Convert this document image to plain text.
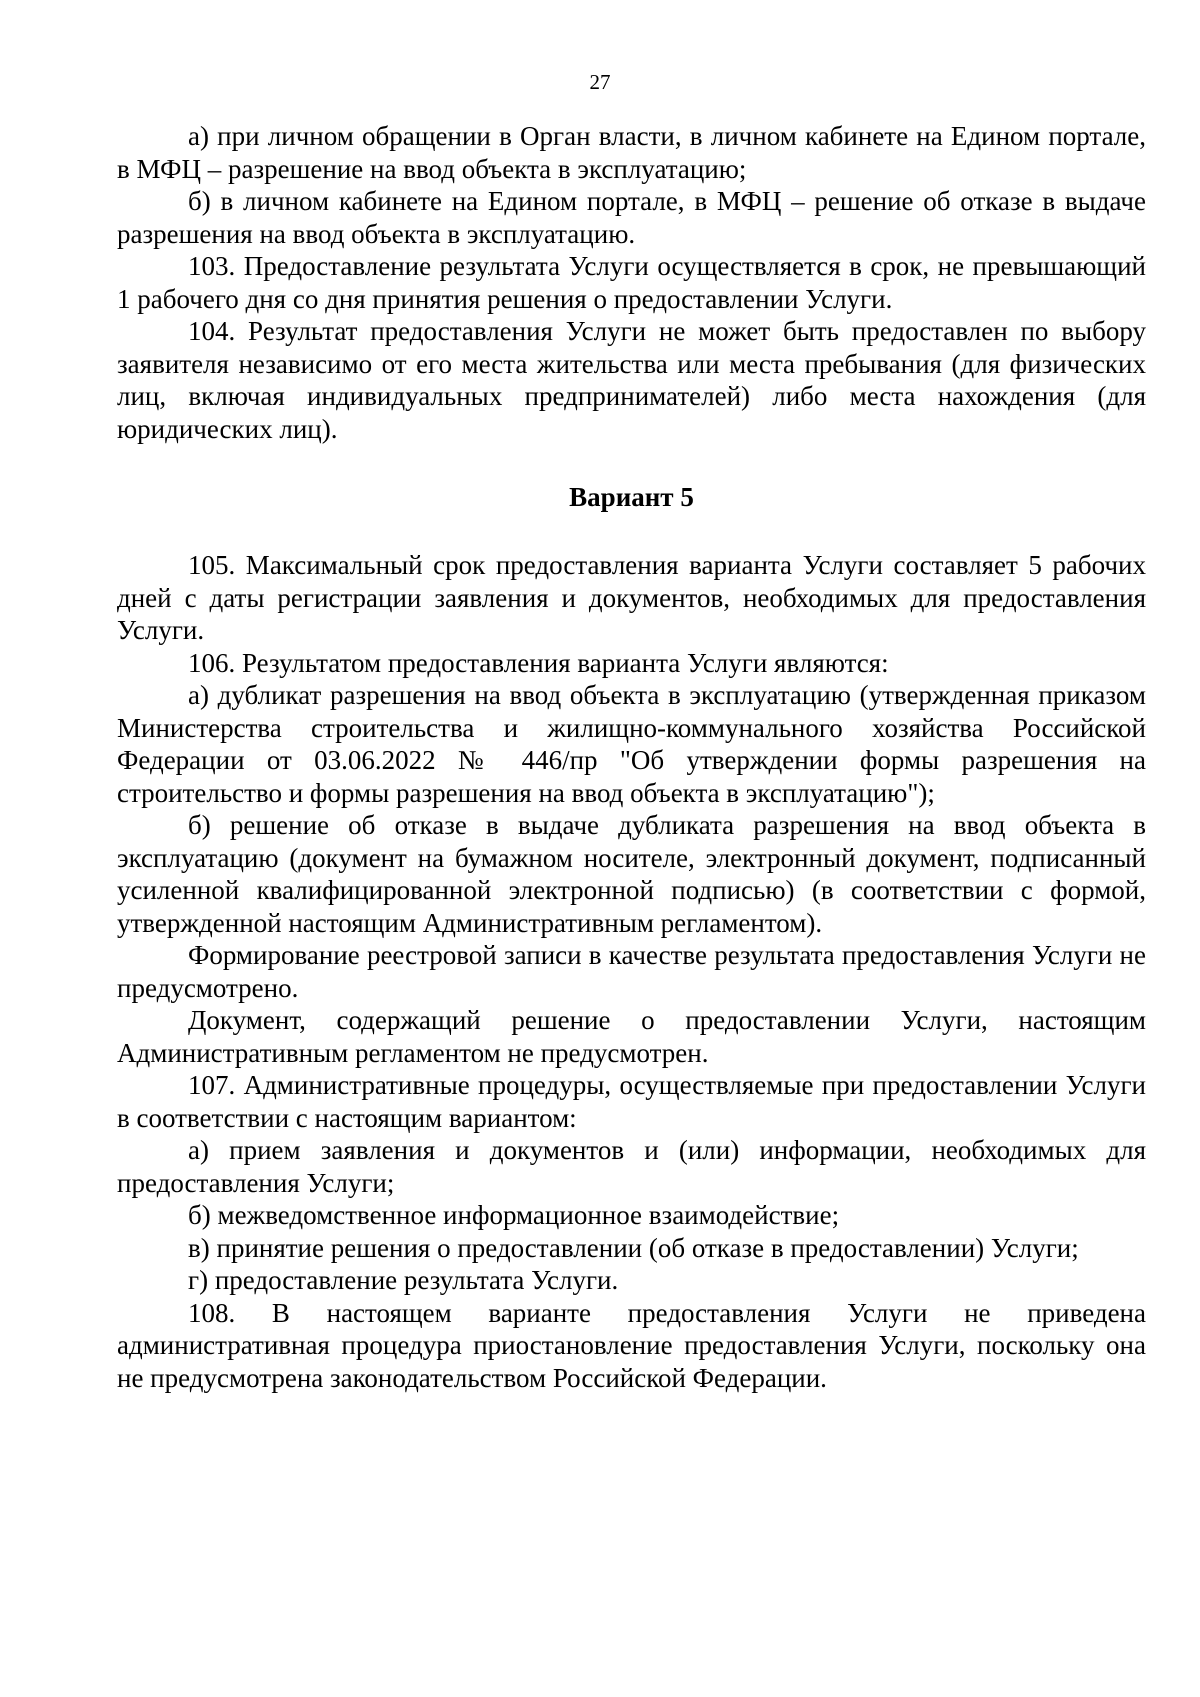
27

а) при личном обращении в Орган власти, в личном кабинете на Едином портале, в МФЦ – разрешение на ввод объекта в эксплуатацию;

б) в личном кабинете на Едином портале, в МФЦ – решение об отказе в выдаче разрешения на ввод объекта в эксплуатацию.

103. Предоставление результата Услуги осуществляется в срок, не превышающий 1 рабочего дня со дня принятия решения о предоставлении Услуги.

104. Результат предоставления Услуги не может быть предоставлен по выбору заявителя независимо от его места жительства или места пребывания (для физических лиц, включая индивидуальных предпринимателей) либо места нахождения (для юридических лиц).

Вариант 5

105. Максимальный срок предоставления варианта Услуги составляет 5 рабочих дней с даты регистрации заявления и документов, необходимых для предоставления Услуги.

106. Результатом предоставления варианта Услуги являются:

а) дубликат разрешения на ввод объекта в эксплуатацию (утвержденная приказом Министерства строительства и жилищно-коммунального хозяйства Российской Федерации от 03.06.2022 № 446/пр "Об утверждении формы разрешения на строительство и формы разрешения на ввод объекта в эксплуатацию");

б) решение об отказе в выдаче дубликата разрешения на ввод объекта в эксплуатацию (документ на бумажном носителе, электронный документ, подписанный усиленной квалифицированной электронной подписью) (в соответствии с формой, утвержденной настоящим Административным регламентом).

Формирование реестровой записи в качестве результата предоставления Услуги не предусмотрено.

Документ, содержащий решение о предоставлении Услуги, настоящим Административным регламентом не предусмотрен.

107. Административные процедуры, осуществляемые при предоставлении Услуги в соответствии с настоящим вариантом:

а) прием заявления и документов и (или) информации, необходимых для предоставления Услуги;

б) межведомственное информационное взаимодействие;

в) принятие решения о предоставлении (об отказе в предоставлении) Услуги;

г) предоставление результата Услуги.

108. В настоящем варианте предоставления Услуги не приведена административная процедура приостановление предоставления Услуги, поскольку она не предусмотрена законодательством Российской Федерации.
